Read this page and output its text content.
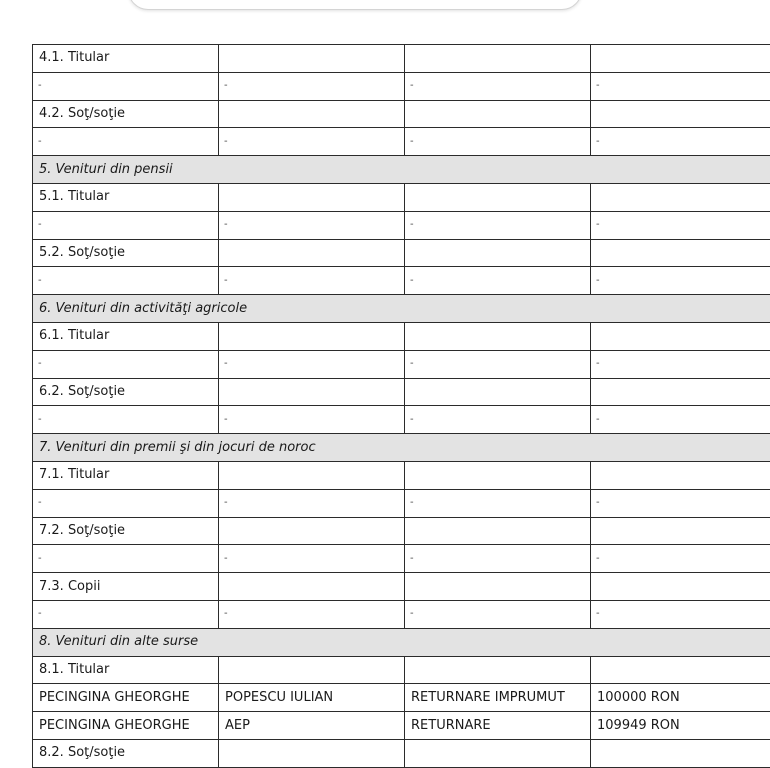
4.1. Titular			
-	-	-	-
4.2. Soţ/soţie			
-	-	-	-
5. Venituri din pensii			
5.1. Titular			
-	-	-	-
5.2. Soţ/soţie			
-	-	-	-
6. Venituri din activităţi agricole			
6.1. Titular			
-	-	-	-
6.2. Soţ/soţie			
-	-	-	-
7. Venituri din premii şi din jocuri de noroc			
7.1. Titular			
-	-	-	-
7.2. Soţ/soţie			
-	-	-	-
7.3. Copii			
-	-	-	-
8. Venituri din alte surse			
8.1. Titular			
PECINGINA GHEORGHE	POPESCU IULIAN	RETURNARE IMPRUMUT	100000 RON
PECINGINA GHEORGHE	AEP	RETURNARE	109949 RON
8.2. Soţ/soţie			
